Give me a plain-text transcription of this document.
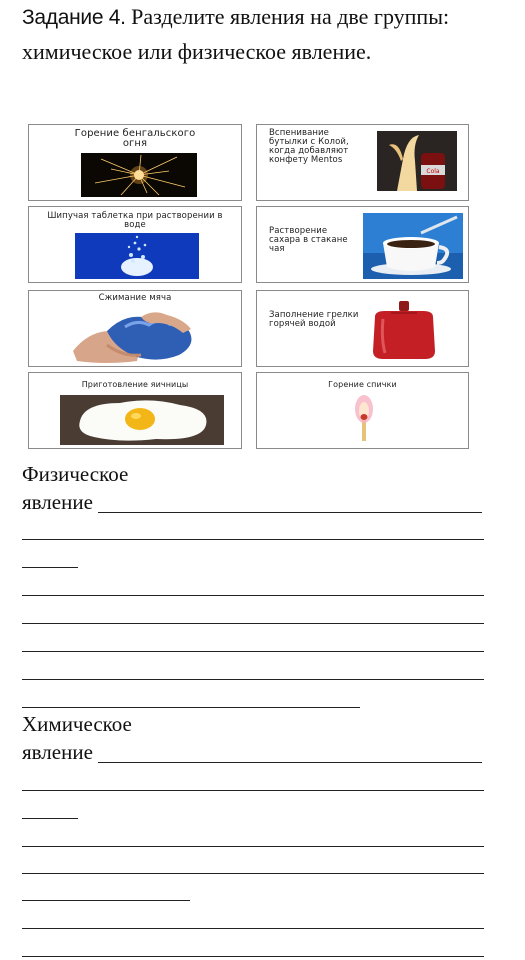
Задание 4. Разделите явления на две группы: химическое или физическое явление.
Горение бенгальского огня
Вспенивание бутылки с Колой, когда добавляют конфету Mentos
Cola
Шипучая таблетка при растворении в воде
Растворение сахара в стакане чая
Сжимание мяча
Заполнение грелки горячей водой
Приготовление яичницы	Горение спички
Физическое
явление
Химическое
явление
